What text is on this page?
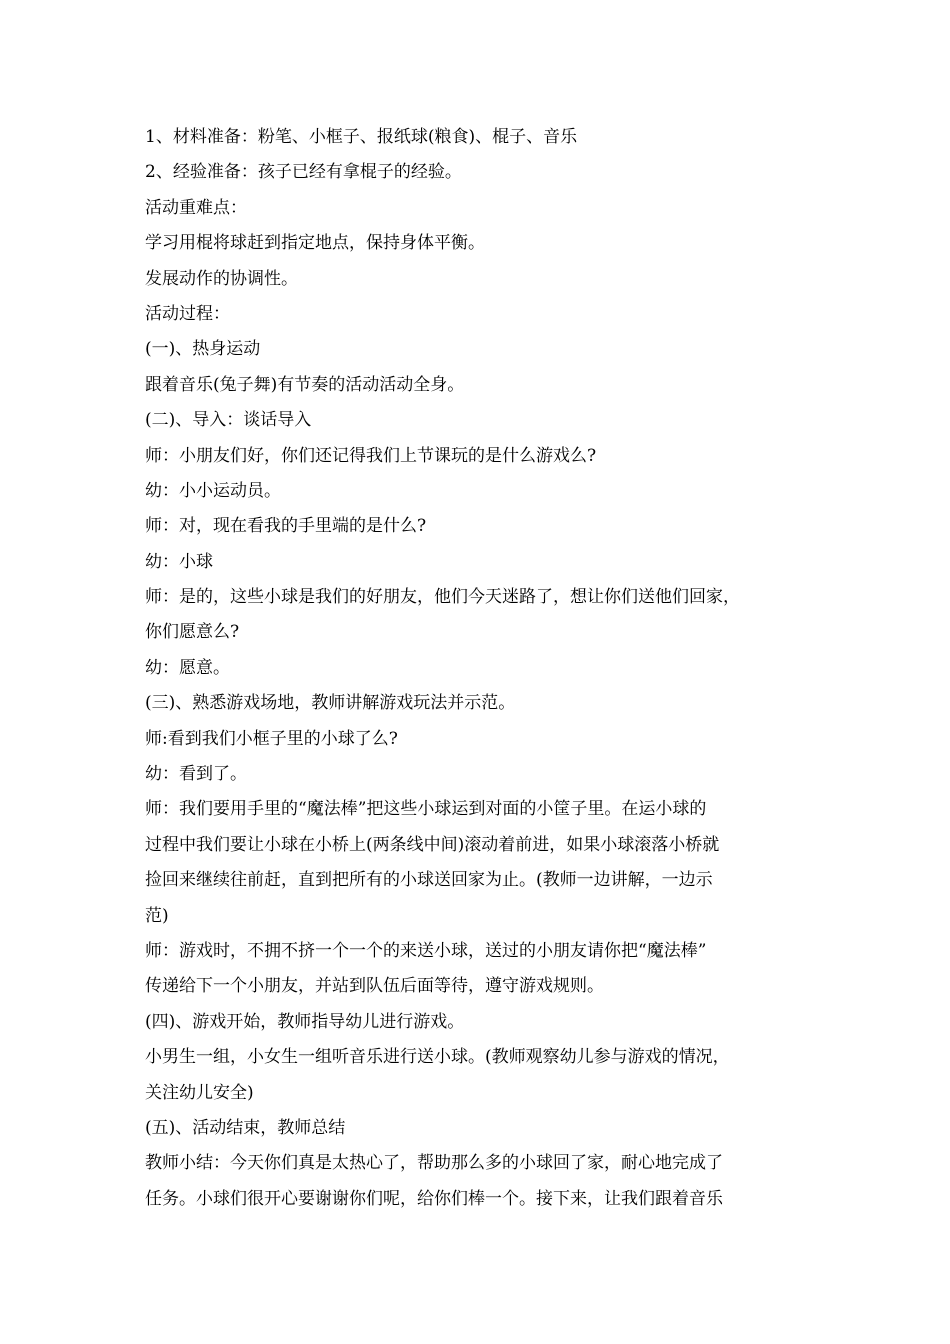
1、材料准备：粉笔、小框子、报纸球(粮食)、棍子、音乐
2、经验准备：孩子已经有拿棍子的经验。
活动重难点：
学习用棍将球赶到指定地点，保持身体平衡。
发展动作的协调性。
活动过程：
(一)、热身运动
跟着音乐(兔子舞)有节奏的活动活动全身。
(二)、导入：谈话导入
师：小朋友们好，你们还记得我们上节课玩的是什么游戏么?
幼：小小运动员。
师：对，现在看我的手里端的是什么?
幼：小球
师：是的，这些小球是我们的好朋友，他们今天迷路了，想让你们送他们回家，
你们愿意么?
幼：愿意。
(三)、熟悉游戏场地，教师讲解游戏玩法并示范。
师:看到我们小框子里的小球了么?
幼：看到了。
师：我们要用手里的“魔法棒”把这些小球运到对面的小筐子里。在运小球的
过程中我们要让小球在小桥上(两条线中间)滚动着前进，如果小球滚落小桥就
捡回来继续往前赶，直到把所有的小球送回家为止。(教师一边讲解，一边示
范)
师：游戏时，不拥不挤一个一个的来送小球，送过的小朋友请你把“魔法棒”
传递给下一个小朋友，并站到队伍后面等待，遵守游戏规则。
(四)、游戏开始，教师指导幼儿进行游戏。
小男生一组，小女生一组听音乐进行送小球。(教师观察幼儿参与游戏的情况，
关注幼儿安全)
(五)、活动结束，教师总结
教师小结：今天你们真是太热心了，帮助那么多的小球回了家，耐心地完成了
任务。小球们很开心要谢谢你们呢，给你们棒一个。接下来，让我们跟着音乐
